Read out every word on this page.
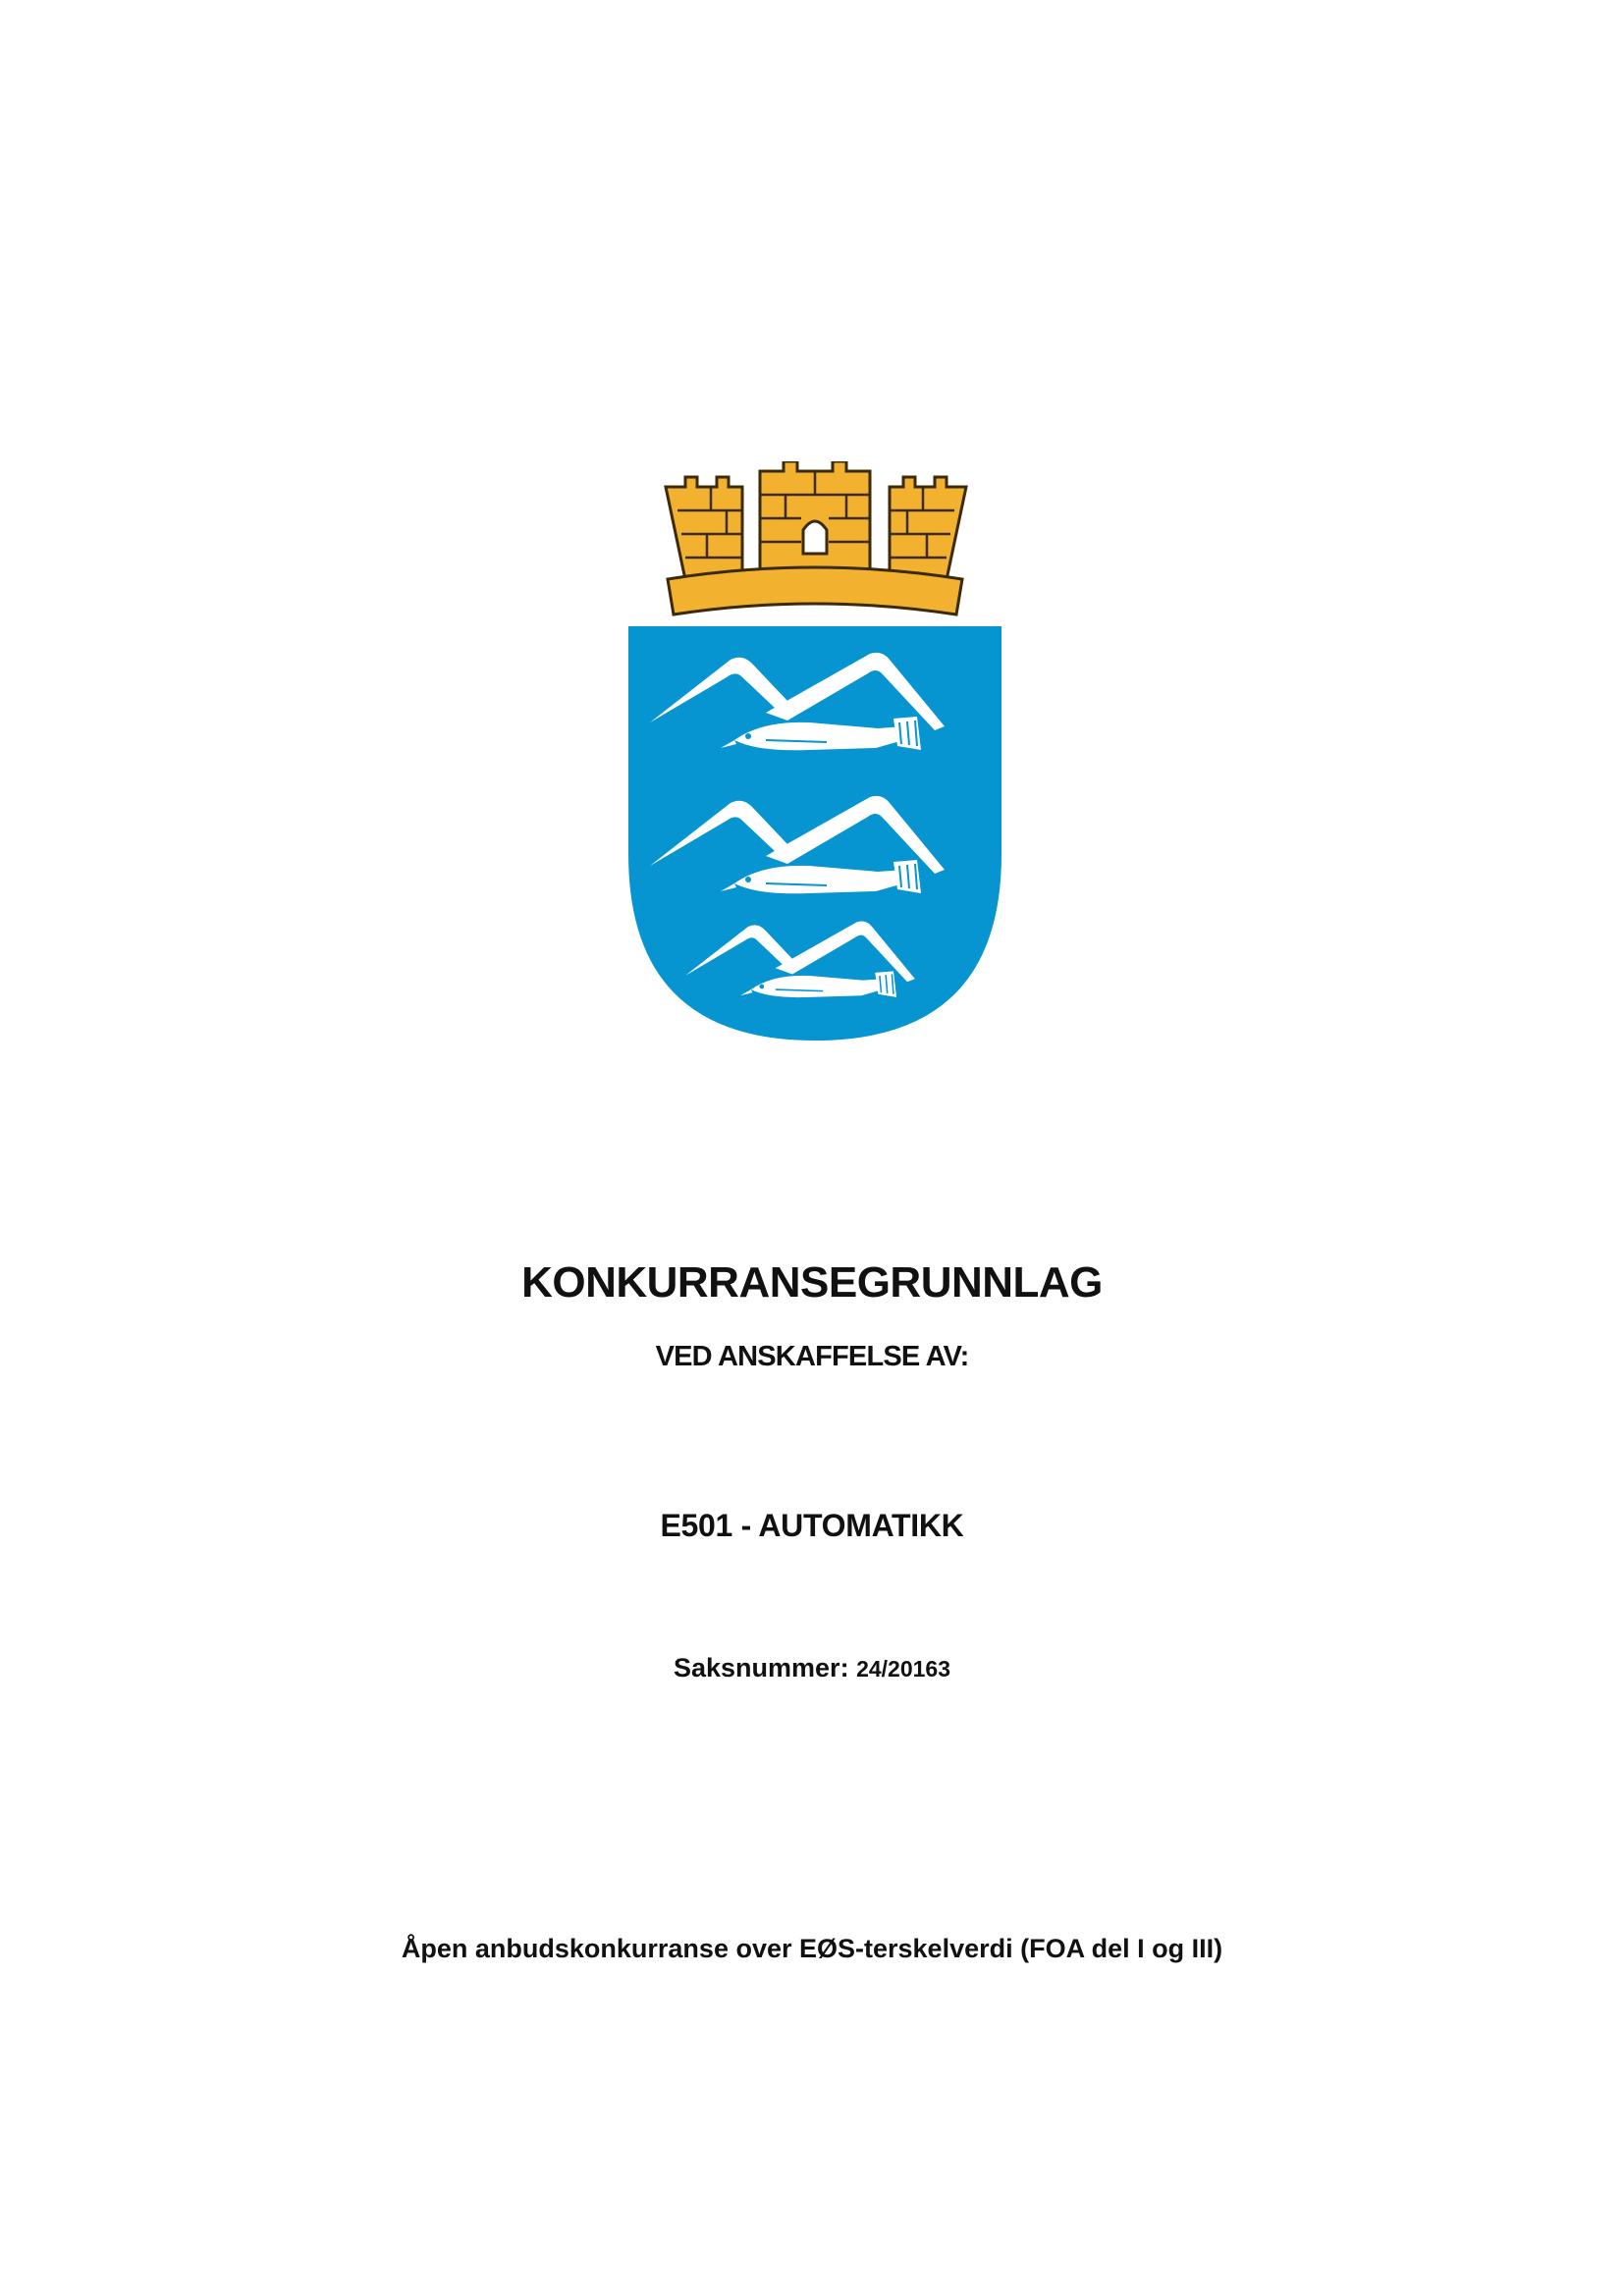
KONKURRANSEGRUNNLAG
VED ANSKAFFELSE AV:
E501 - AUTOMATIKK
Saksnummer: 24/20163
Åpen anbudskonkurranse over EØS-terskelverdi (FOA del I og III)
